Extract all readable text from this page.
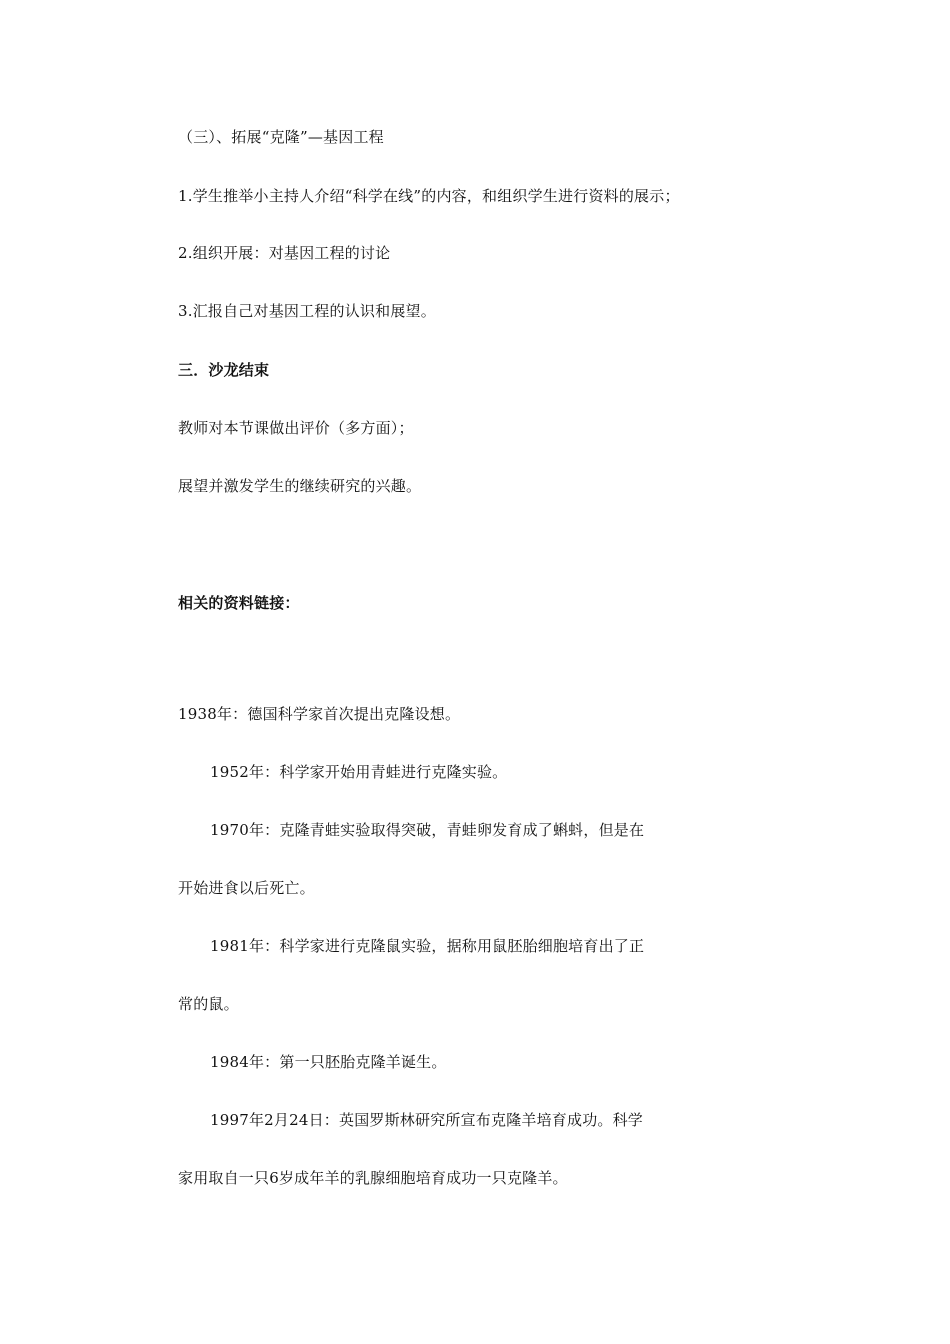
（三）、拓展“克隆”—基因工程
1.学生推举小主持人介绍“科学在线”的内容，和组织学生进行资料的展示；
2.组织开展：对基因工程的讨论
3.汇报自己对基因工程的认识和展望。
三．沙龙结束
教师对本节课做出评价（多方面）；
展望并激发学生的继续研究的兴趣。
相关的资料链接：
1938年：德国科学家首次提出克隆设想。
1952年：科学家开始用青蛙进行克隆实验。
1970年：克隆青蛙实验取得突破，青蛙卵发育成了蝌蚪，但是在
开始进食以后死亡。
1981年：科学家进行克隆鼠实验，据称用鼠胚胎细胞培育出了正
常的鼠。
1984年：第一只胚胎克隆羊诞生。
1997年2月24日：英国罗斯林研究所宣布克隆羊培育成功。科学
家用取自一只6岁成年羊的乳腺细胞培育成功一只克隆羊。
